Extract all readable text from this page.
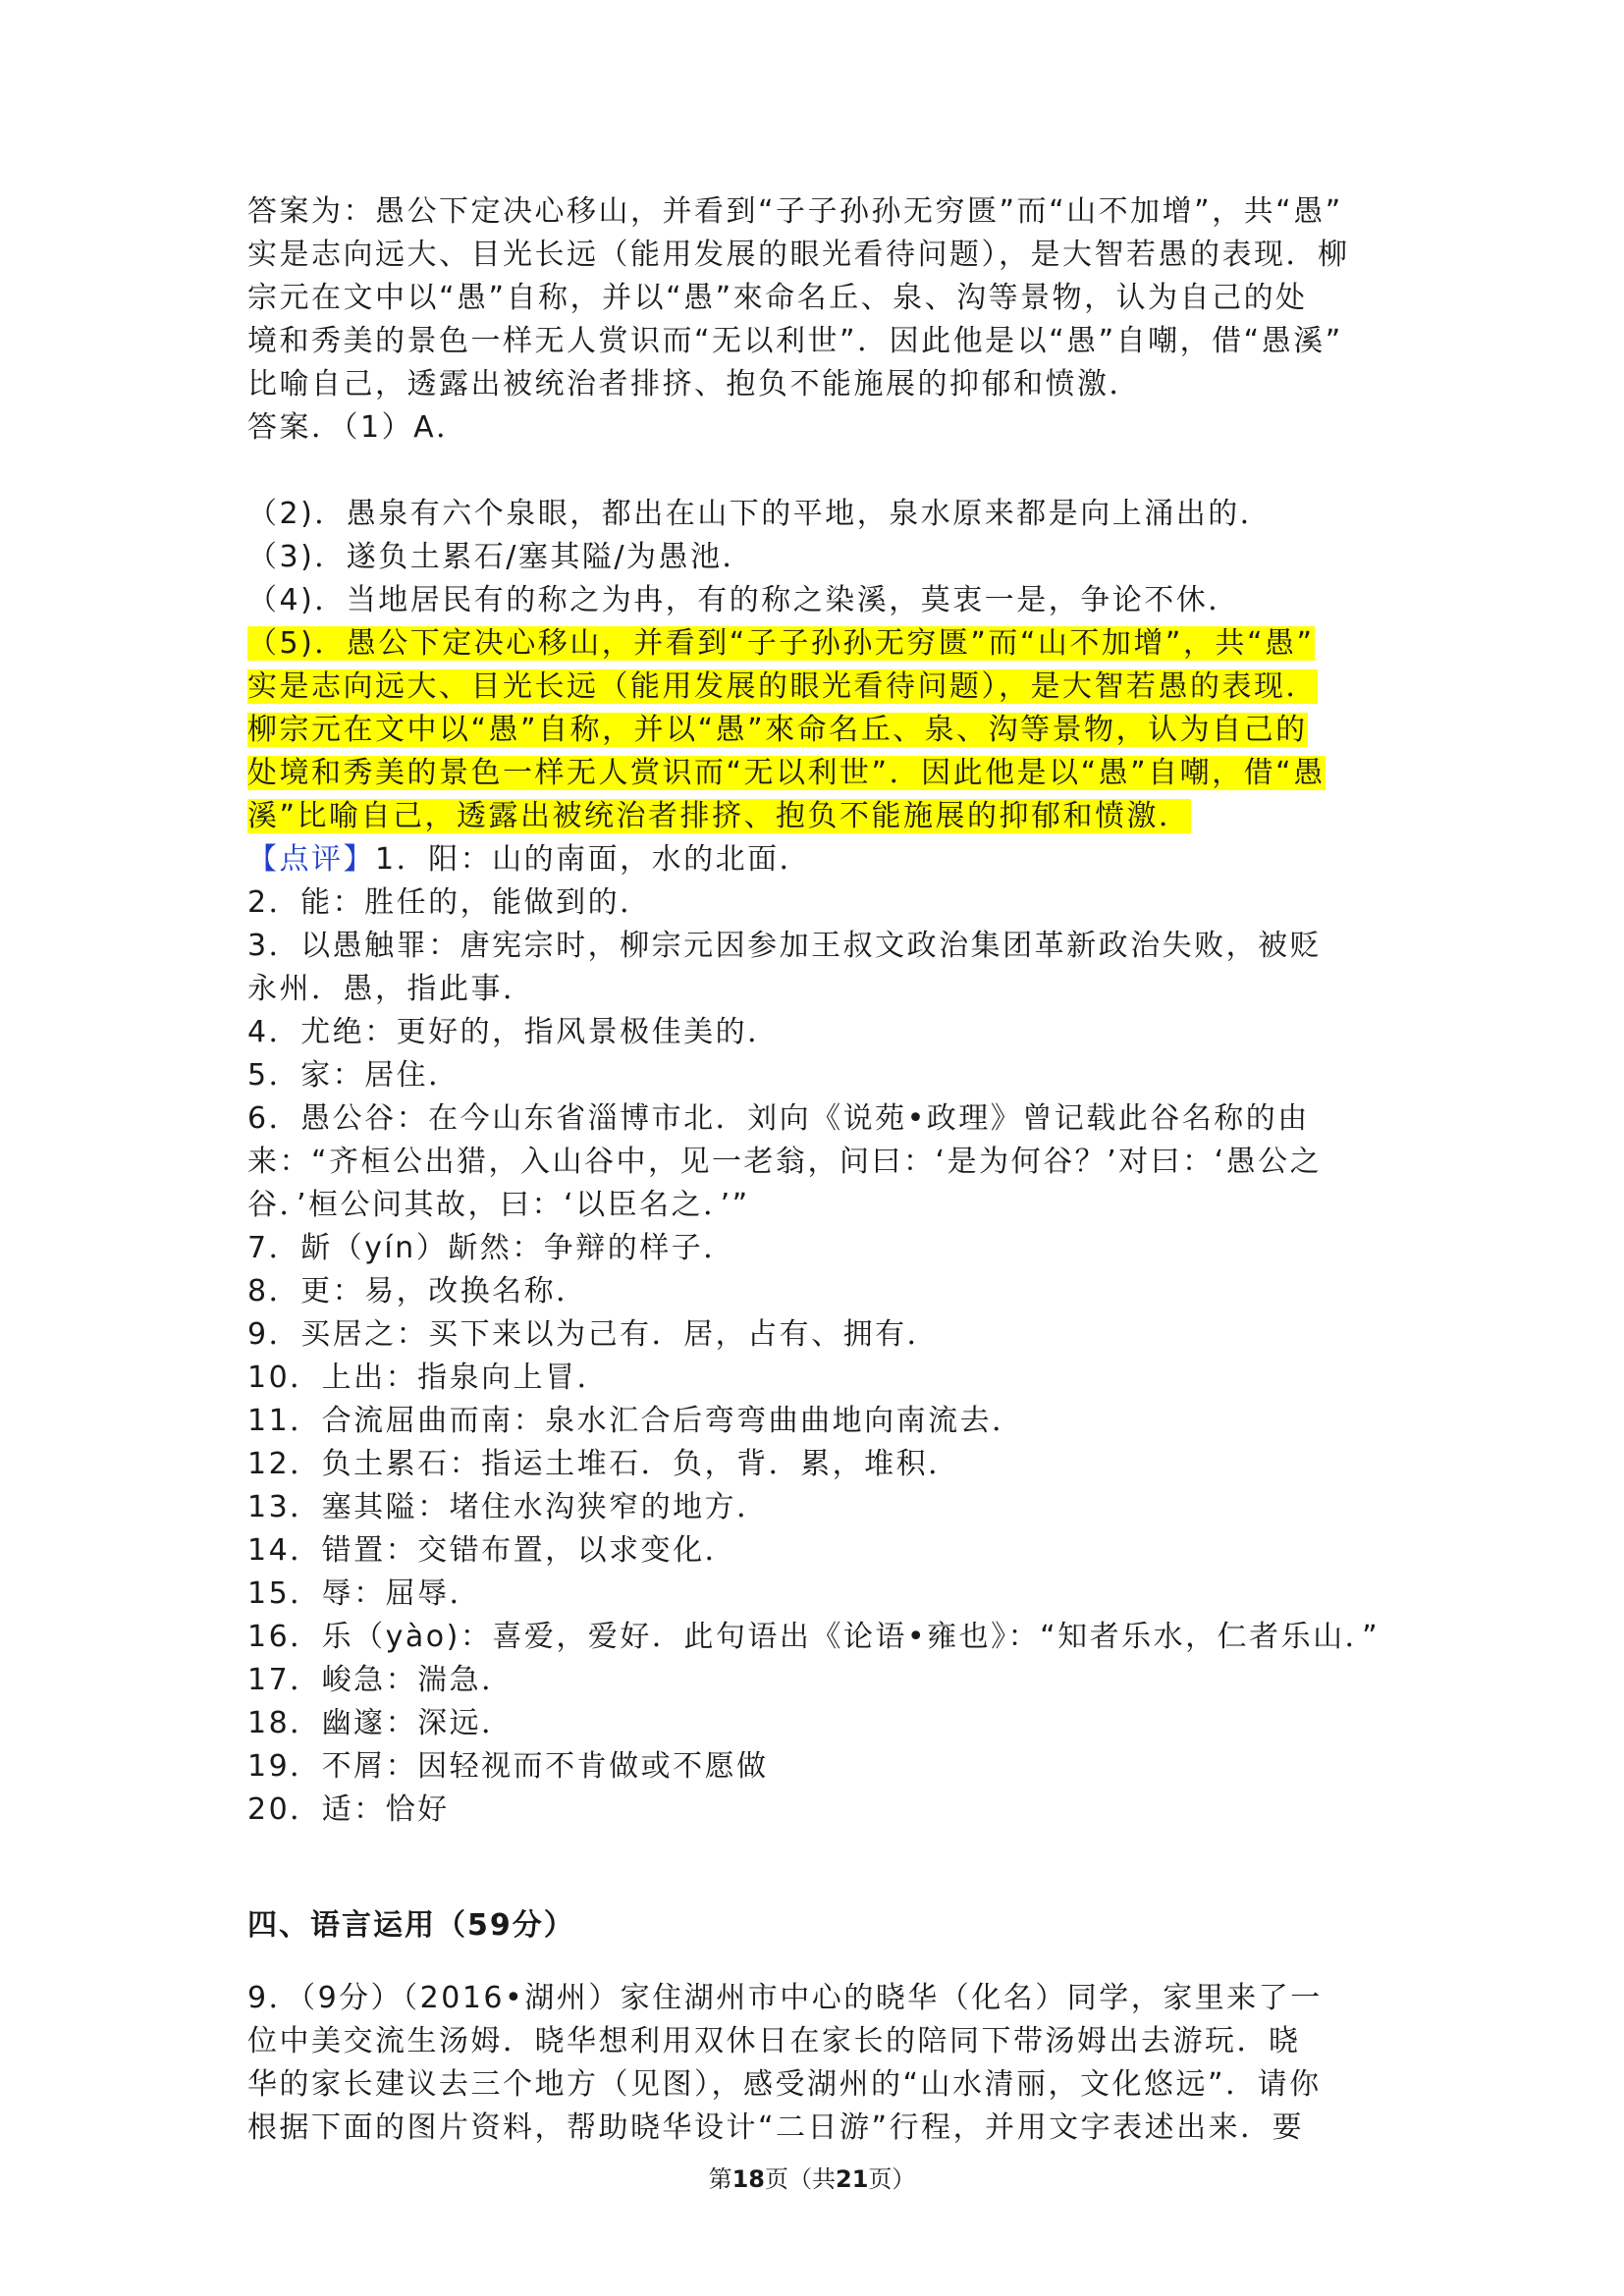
答案为：愚公下定决心移山，并看到“子子孙孙无穷匮”而“山不加增”，共“愚”

实是志向远大、目光长远（能用发展的眼光看待问题），是大智若愚的表现．柳

宗元在文中以“愚”自称，并以“愚”來命名丘、泉、沟等景物，认为自己的处

境和秀美的景色一样无人赏识而“无以利世”．因此他是以“愚”自嘲，借“愚溪”

比喻自己，透露出被统治者排挤、抱负不能施展的抑郁和愤激．

答案．（1）A．

（2)．愚泉有六个泉眼，都出在山下的平地，泉水原来都是向上涌出的．

（3)．遂负土累石/塞其隘/为愚池．

（4)．当地居民有的称之为冉，有的称之染溪，莫衷一是，争论不休．

（5)．愚公下定决心移山，并看到“子子孙孙无穷匮”而“山不加增”，共“愚”

实是志向远大、目光长远（能用发展的眼光看待问题），是大智若愚的表现．

柳宗元在文中以“愚”自称，并以“愚”來命名丘、泉、沟等景物，认为自己的

处境和秀美的景色一样无人赏识而“无以利世”．因此他是以“愚”自嘲，借“愚

溪”比喻自己，透露出被统治者排挤、抱负不能施展的抑郁和愤激．

【点评】1．阳：山的南面，水的北面．

2．能：胜任的，能做到的．

3．以愚触罪：唐宪宗时，柳宗元因参加王叔文政治集团革新政治失败，被贬

永州．愚，指此事．

4．尤绝：更好的，指风景极佳美的．

5．家：居住．

6．愚公谷：在今山东省淄博市北．刘向《说苑•政理》曾记载此谷名称的由

来：“齐桓公出猎，入山谷中，见一老翁，问曰：‘是为何谷？’对曰：‘愚公之

谷．’桓公问其故，曰：‘以臣名之．’”

7．龂（yín）龂然：争辩的样子．

8．更：易，改换名称．

9．买居之：买下来以为己有．居，占有、拥有．

10．上出：指泉向上冒．

11．合流屈曲而南：泉水汇合后弯弯曲曲地向南流去．

12．负土累石：指运土堆石．负，背．累，堆积．

13．塞其隘：堵住水沟狭窄的地方．

14．错置：交错布置，以求变化．

15．辱：屈辱．

16．乐（yào)：喜爱，爱好．此句语出《论语•雍也》：“知者乐水，仁者乐山．”

17．峻急：湍急．

18．幽邃：深远．

19．不屑：因轻视而不肯做或不愿做

20．适：恰好

四、语言运用（59分）

9．（9分）（2016•湖州）家住湖州市中心的晓华（化名）同学，家里来了一

位中美交流生汤姆．晓华想利用双休日在家长的陪同下带汤姆出去游玩．晓

华的家长建议去三个地方（见图），感受湖州的“山水清丽，文化悠远”．请你

根据下面的图片资料，帮助晓华设计“二日游”行程，并用文字表述出来．要

第18页（共21页）
